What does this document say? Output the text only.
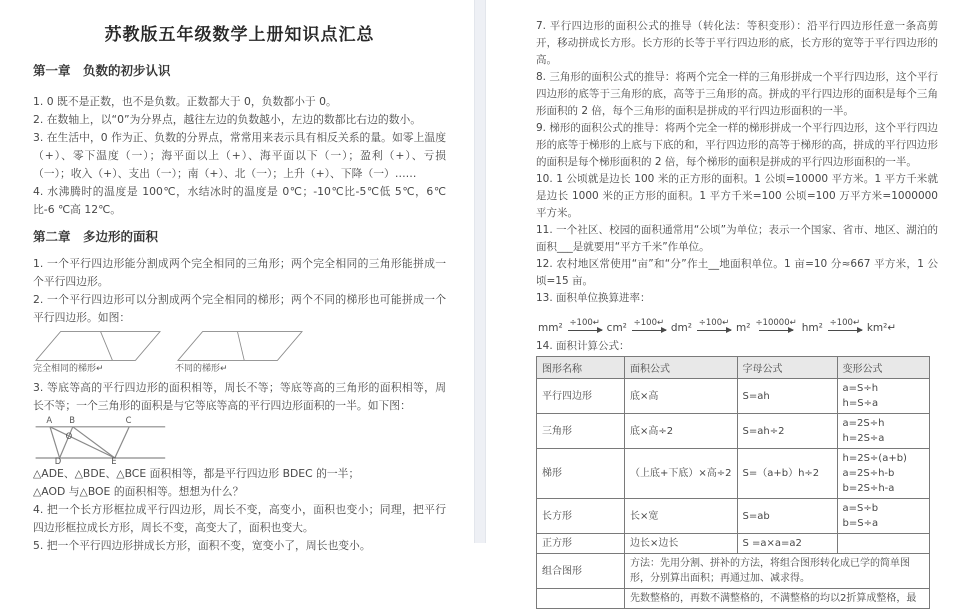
苏教版五年级数学上册知识点汇总
第一章　负数的初步认识
1. 0 既不是正数，也不是负数。正数都大于 0，负数都小于 0。
2. 在数轴上，以“0”为分界点，越往左边的负数越小，左边的数都比右边的数小。
3. 在生活中，0 作为正、负数的分界点，常常用来表示具有相反关系的量。如零上温度（+）、零下温度（一）；海平面以上（+）、海平面以下（一）；盈利（+）、亏损（一）；收入（+）、支出（一）；南（+）、北（一）；上升（+）、下降（一）……
4. 水沸腾时的温度是 100℃，水结冰时的温度是 0℃；-10℃比-5℃低 5℃，6℃比-6 ℃高 12℃。
第二章　多边形的面积
1. 一个平行四边形能分割成两个完全相同的三角形；两个完全相同的三角形能拼成一个平行四边形。
2. 一个平行四边形可以分割成两个完全相同的梯形；两个不同的梯形也可能拼成一个平行四边形。如图：
完全相同的梯形↵	不同的梯形↵
3. 等底等高的平行四边形的面积相等，周长不等；等底等高的三角形的面积相等，周长不等；一个三角形的面积是与它等底等高的平行四边形面积的一半。如下图：
A B	C
D	E
O
△ADE、△BDE、△BCE 面积相等，都是平行四边形 BDEC 的一半；
△AOD 与△BOE 的面积相等。想想为什么？
4. 把一个长方形框拉成平行四边形，周长不变，高变小，面积也变小；同理，把平行四边形框拉成长方形，周长不变，高变大了，面积也变大。
5. 把一个平行四边形拼成长方形，面积不变，宽变小了，周长也变小。
7. 平行四边形的面积公式的推导（转化法：等积变形）：沿平行四边形任意一条高剪开，移动拼成长方形。长方形的长等于平行四边形的底，长方形的宽等于平行四边形的高。
8. 三角形的面积公式的推导：将两个完全一样的三角形拼成一个平行四边形，这个平行四边形的底等于三角形的底，高等于三角形的高。拼成的平行四边形的面积是每个三角形面积的 2 倍，每个三角形的面积是拼成的平行四边形面积的一半。
9. 梯形的面积公式的推导：将两个完全一样的梯形拼成一个平行四边形，这个平行四边形的底等于梯形的上底与下底的和，平行四边形的高等于梯形的高，拼成的平行四边形的面积是每个梯形面积的 2 倍，每个梯形的面积是拼成的平行四边形面积的一半。
10. 1 公顷就是边长 100 米的正方形的面积。1 公顷=10000 平方米。1 平方千米就是边长 1000 米的正方形的面积。1 平方千米=100 公顷=100 万平方米=1000000 平方米。
11. 一个社区、校园的面积通常用“公顷”为单位；表示一个国家、省市、地区、湖泊的面积___是就要用“平方千米”作单位。
12. 农村地区常使用“亩”和“分”作土__地面积单位。1 亩=10 分≈667 平方米，1 公顷=15 亩。
13. 面积单位换算进率：
mm² ÷100↵ cm² ÷100↵ dm² ÷100↵ m² ÷10000↵ hm² ÷100↵ km²↵
14. 面积计算公式：
图形名称	面积公式	字母公式	变形公式
平行四边形	底×高	S=ah	a=S÷h
h=S÷a

三角形	底×高÷2	S=ah÷2	a=2S÷h
h=2S÷a

梯形	（上底+下底）×高÷2	S=（a+b）h÷2	h=2S÷(a+b)
a=2S÷h-b
b=2S÷h-a

长方形	长×宽	S=ab	a=S÷b
b=S÷a

正方形	边长×边长	S =a×a=a2	
组合图形	方法：先用分割、拼补的方法，将组合图形转化成已学的简单图形，分别算出面积；再通过加、减求得。		
	先数整格的，再数不满整格的，不满整格的均以2折算成整格，最		
